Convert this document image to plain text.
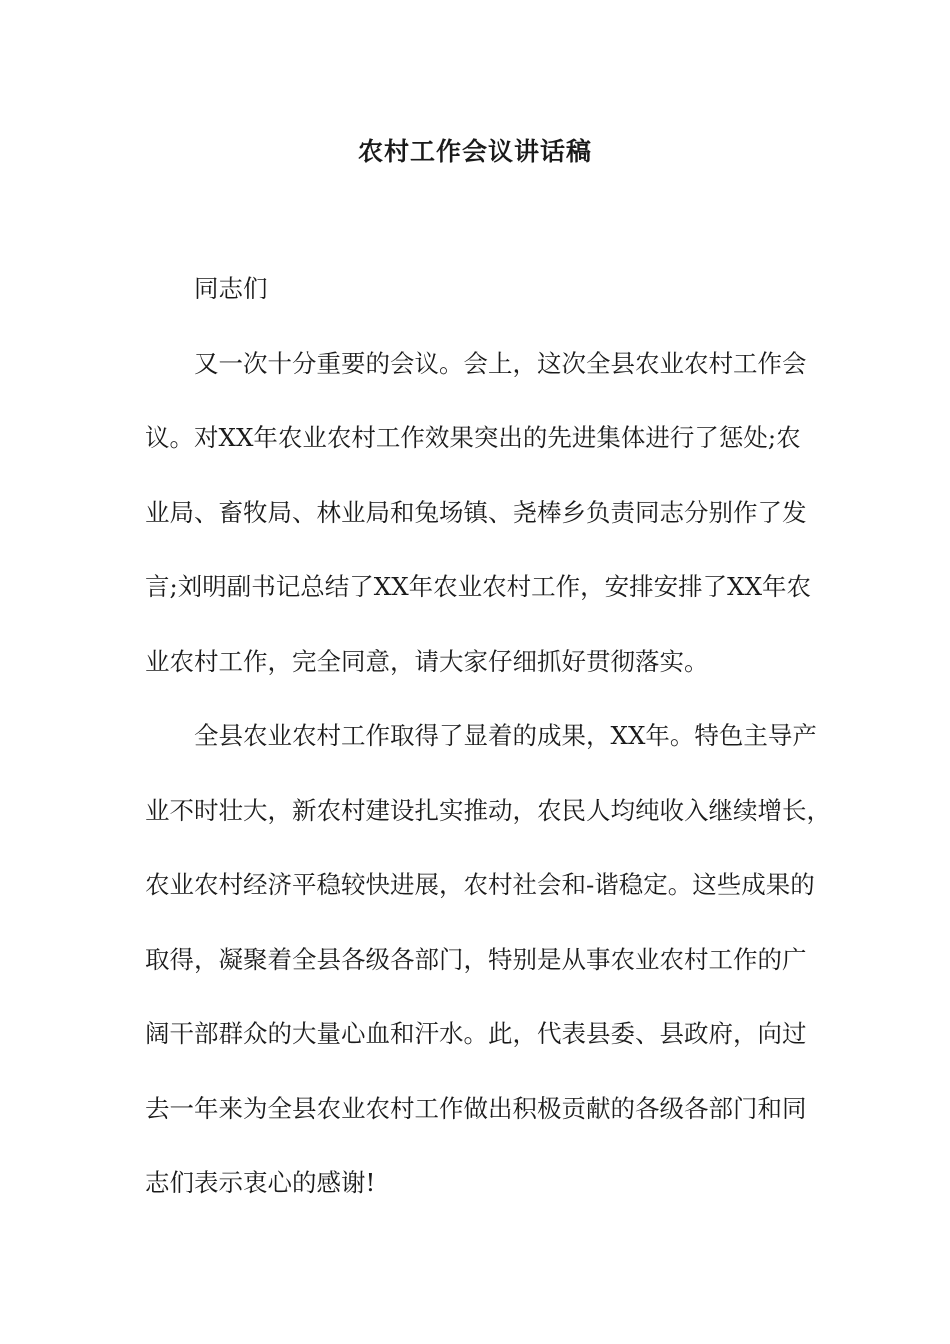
农村工作会议讲话稿
同志们
又一次十分重要的会议。会上，这次全县农业农村工作会
议。对XX年农业农村工作效果突出的先进集体进行了惩处;农
业局、畜牧局、林业局和兔场镇、尧棒乡负责同志分别作了发
言;刘明副书记总结了XX年农业农村工作，安排安排了XX年农
业农村工作，完全同意，请大家仔细抓好贯彻落实。
全县农业农村工作取得了显着的成果，XX年。特色主导产
业不时壮大，新农村建设扎实推动，农民人均纯收入继续增长，
农业农村经济平稳较快进展，农村社会和-谐稳定。这些成果的
取得，凝聚着全县各级各部门，特别是从事农业农村工作的广
阔干部群众的大量心血和汗水。此，代表县委、县政府，向过
去一年来为全县农业农村工作做出积极贡献的各级各部门和同
志们表示衷心的感谢!
